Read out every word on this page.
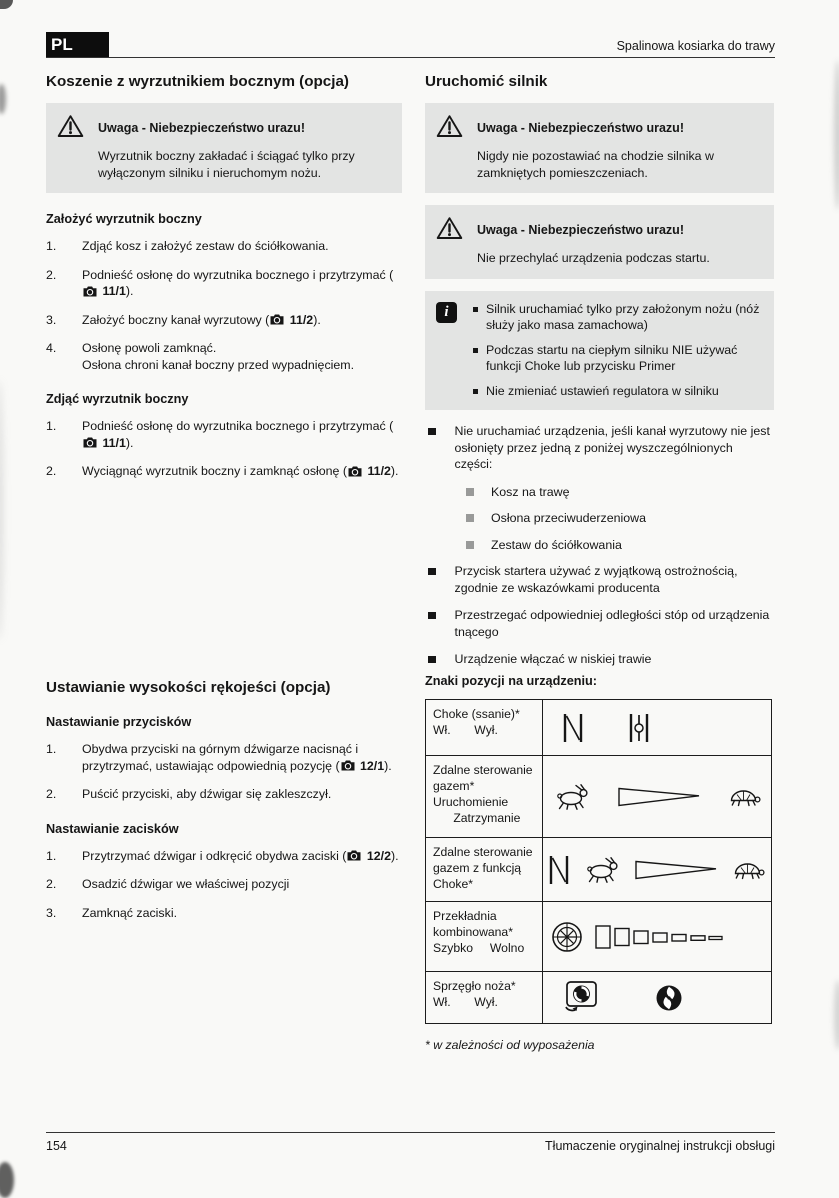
PL	Spalinowa kosiarka do trawy
Koszenie z wyrzutnikiem bocznym (opcja)
Uwaga - Niebezpieczeństwo urazu!
Wyrzutnik boczny zakładać i ściągać tylko przy wyłączonym silniku i nieruchomym nożu.
Założyć wyrzutnik boczny
1.	Zdjąć kosz i założyć zestaw do ściółkowania.
2.	Podnieść osłonę do wyrzutnika bocznego i przytrzymać (
11/1).
3.	Założyć boczny kanał wyrzutowy (
11/2).
4.	Osłonę powoli zamknąć.
Osłona chroni kanał boczny przed wypadnięciem.
Zdjąć wyrzutnik boczny
1.	Podnieść osłonę do wyrzutnika bocznego i przytrzymać (
11/1).
2.	Wyciągnąć wyrzutnik boczny i zamknąć osłonę (
11/2).
Ustawianie wysokości rękojeści (opcja)
Nastawianie przycisków
1.	Obydwa przyciski na górnym dźwigarze nacisnąć i przytrzymać, ustawiając odpowiednią pozycję (
12/1).
2.	Puścić przyciski, aby dźwigar się zakleszczył.
Nastawianie zacisków
1.	Przytrzymać dźwigar i odkręcić obydwa zaciski (
12/2).
2.	Osadzić dźwigar we właściwej pozycji
3.	Zamknąć zaciski.
Uruchomić silnik
Uwaga - Niebezpieczeństwo urazu!
Nigdy nie pozostawiać na chodzie silnika w zamkniętych pomieszczeniach.
Uwaga - Niebezpieczeństwo urazu!
Nie przechylać urządzenia podczas startu.
i
Silnik uruchamiać tylko przy założonym nożu (nóż służy jako masa zamachowa)
Podczas startu na ciepłym silniku NIE używać funkcji Choke lub przycisku Primer
Nie zmieniać ustawień regulatora w silniku
Nie uruchamiać urządzenia, jeśli kanał wyrzutowy nie jest osłonięty przez jedną z poniżej wyszczególnionych części:
Kosz na trawę
Osłona przeciwuderzeniowa
Zestaw do ściółkowania
Przycisk startera używać z wyjątkową ostrożnością, zgodnie ze wskazówkami producenta
Przestrzegać odpowiedniej odległości stóp od urządzenia tnącego
Urządzenie włączać w niskiej trawie
Znaki pozycji na urządzeniu:
Choke (ssanie)*
Wł.       Wył.

Zdalne sterowanie
gazem*
Uruchomienie
Zatrzymanie

Zdalne sterowanie
gazem z funkcją
Choke*

Przekładnia
kombinowana*
Szybko     Wolno

Sprzęgło noża*
Wł.       Wył.

* w zależności od wyposażenia
154	Tłumaczenie oryginalnej instrukcji obsługi
